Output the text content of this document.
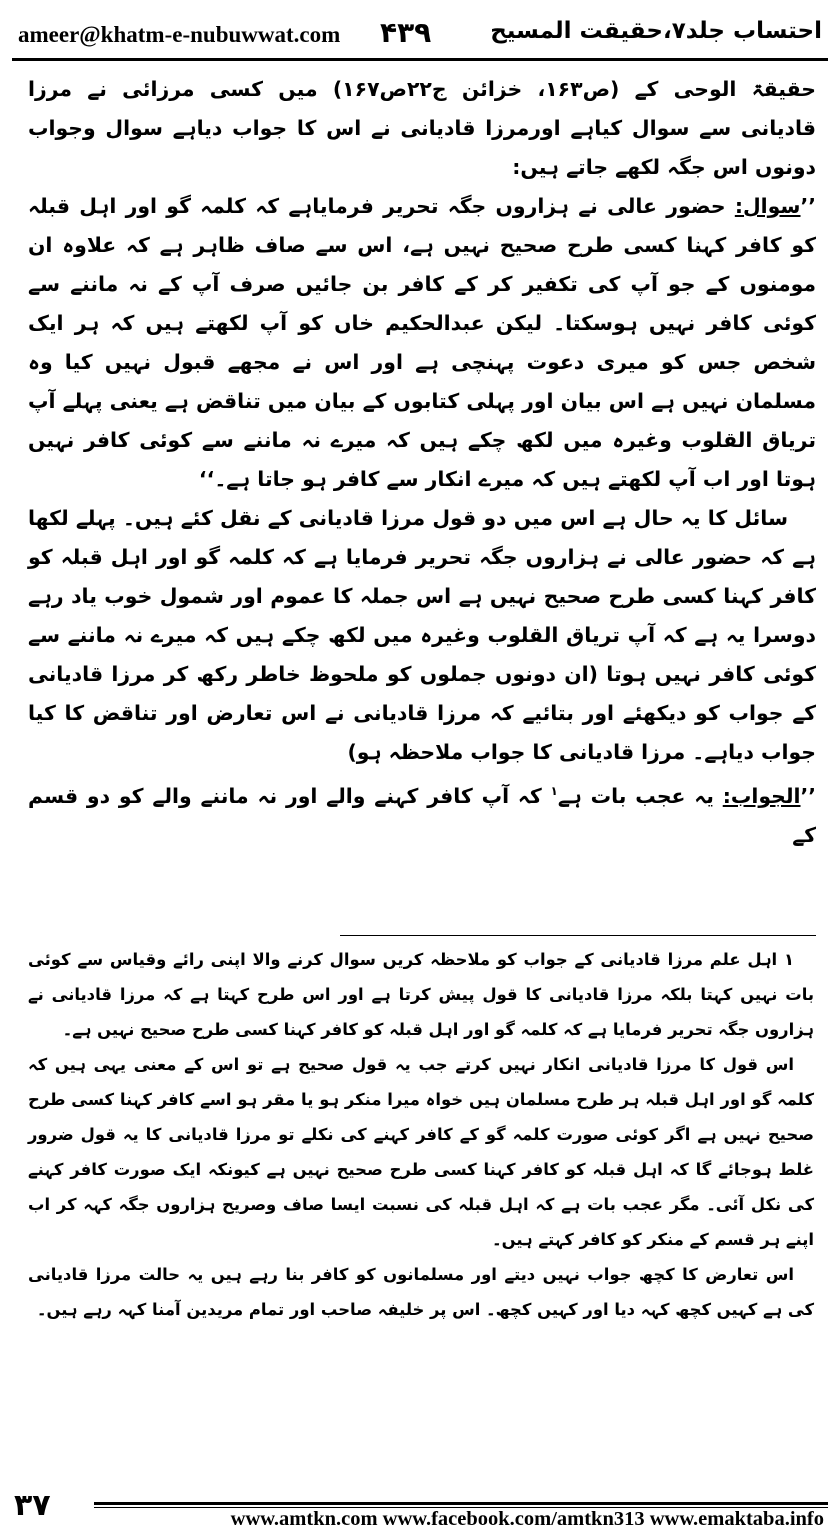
ameer@khatm-e-nubuwwat.com ۴۳۹	احتساب جلد۷،حقیقت المسیح

حقیقۃ الوحی کے (ص۱۶۳، خزائن ج۲۲ص۱۶۷) میں کسی مرزائی نے مرزا قادیانی سے سوال کیاہے اورمرزا قادیانی نے اس کا جواب دیاہے سوال وجواب دونوں اس جگہ لکھے جاتے ہیں:

’’سوال: حضور عالی نے ہزاروں جگہ تحریر فرمایاہے کہ کلمہ گو اور اہل قبلہ کو کافر کہنا کسی طرح صحیح نہیں ہے، اس سے صاف ظاہر ہے کہ علاوہ ان مومنوں کے جو آپ کی تکفیر کر کے کافر بن جائیں صرف آپ کے نہ ماننے سے کوئی کافر نہیں ہوسکتا۔ لیکن عبدالحکیم خاں کو آپ لکھتے ہیں کہ ہر ایک شخص جس کو میری دعوت پہنچی ہے اور اس نے مجھے قبول نہیں کیا وہ مسلمان نہیں ہے اس بیان اور پہلی کتابوں کے بیان میں تناقض ہے یعنی پہلے آپ تریاق القلوب وغیرہ میں لکھ چکے ہیں کہ میرے نہ ماننے سے کوئی کافر نہیں ہوتا اور اب آپ لکھتے ہیں کہ میرے انکار سے کافر ہو جاتا ہے۔‘‘

سائل کا یہ حال ہے اس میں دو قول مرزا قادیانی کے نقل کئے ہیں۔ پہلے لکھا ہے کہ حضور عالی نے ہزاروں جگہ تحریر فرمایا ہے کہ کلمہ گو اور اہل قبلہ کو کافر کہنا کسی طرح صحیح نہیں ہے اس جملہ کا عموم اور شمول خوب یاد رہے دوسرا یہ ہے کہ آپ تریاق القلوب وغیرہ میں لکھ چکے ہیں کہ میرے نہ ماننے سے کوئی کافر نہیں ہوتا (ان دونوں جملوں کو ملحوظ خاطر رکھ کر مرزا قادیانی کے جواب کو دیکھئے اور بتائیے کہ مرزا قادیانی نے اس تعارض اور تناقض کا کیا جواب دیاہے۔ مرزا قادیانی کا جواب ملاحظہ ہو)

’’الجواب: یہ عجب بات ہے$^۱$ کہ آپ کافر کہنے والے اور نہ ماننے والے کو دو قسم کے

۱ اہل علم مرزا قادیانی کے جواب کو ملاحظہ کریں سوال کرنے والا اپنی رائے وقیاس سے کوئی بات نہیں کہتا بلکہ مرزا قادیانی کا قول پیش کرتا ہے اور اس طرح کہتا ہے کہ مرزا قادیانی نے ہزاروں جگہ تحریر فرمایا ہے کہ کلمہ گو اور اہل قبلہ کو کافر کہنا کسی طرح صحیح نہیں ہے۔

اس قول کا مرزا قادیانی انکار نہیں کرتے جب یہ قول صحیح ہے تو اس کے معنی یہی ہیں کہ کلمہ گو اور اہل قبلہ ہر طرح مسلمان ہیں خواہ میرا منکر ہو یا مقر ہو اسے کافر کہنا کسی طرح صحیح نہیں ہے اگر کوئی صورت کلمہ گو کے کافر کہنے کی نکلے تو مرزا قادیانی کا یہ قول ضرور غلط ہوجائے گا کہ اہل قبلہ کو کافر کہنا کسی طرح صحیح نہیں ہے کیونکہ ایک صورت کافر کہنے کی نکل آئی۔ مگر عجب بات ہے کہ اہل قبلہ کی نسبت ایسا صاف وصریح ہزاروں جگہ کہہ کر اب اپنے ہر قسم کے منکر کو کافر کہتے ہیں۔

اس تعارض کا کچھ جواب نہیں دیتے اور مسلمانوں کو کافر بنا رہے ہیں یہ حالت مرزا قادیانی کی ہے کہیں کچھ کہہ دیا اور کہیں کچھ۔ اس پر خلیفہ صاحب اور تمام مریدین آمنا کہہ رہے ہیں۔

۳۷	www.amtkn.com www.facebook.com/amtkn313 www.emaktaba.info
